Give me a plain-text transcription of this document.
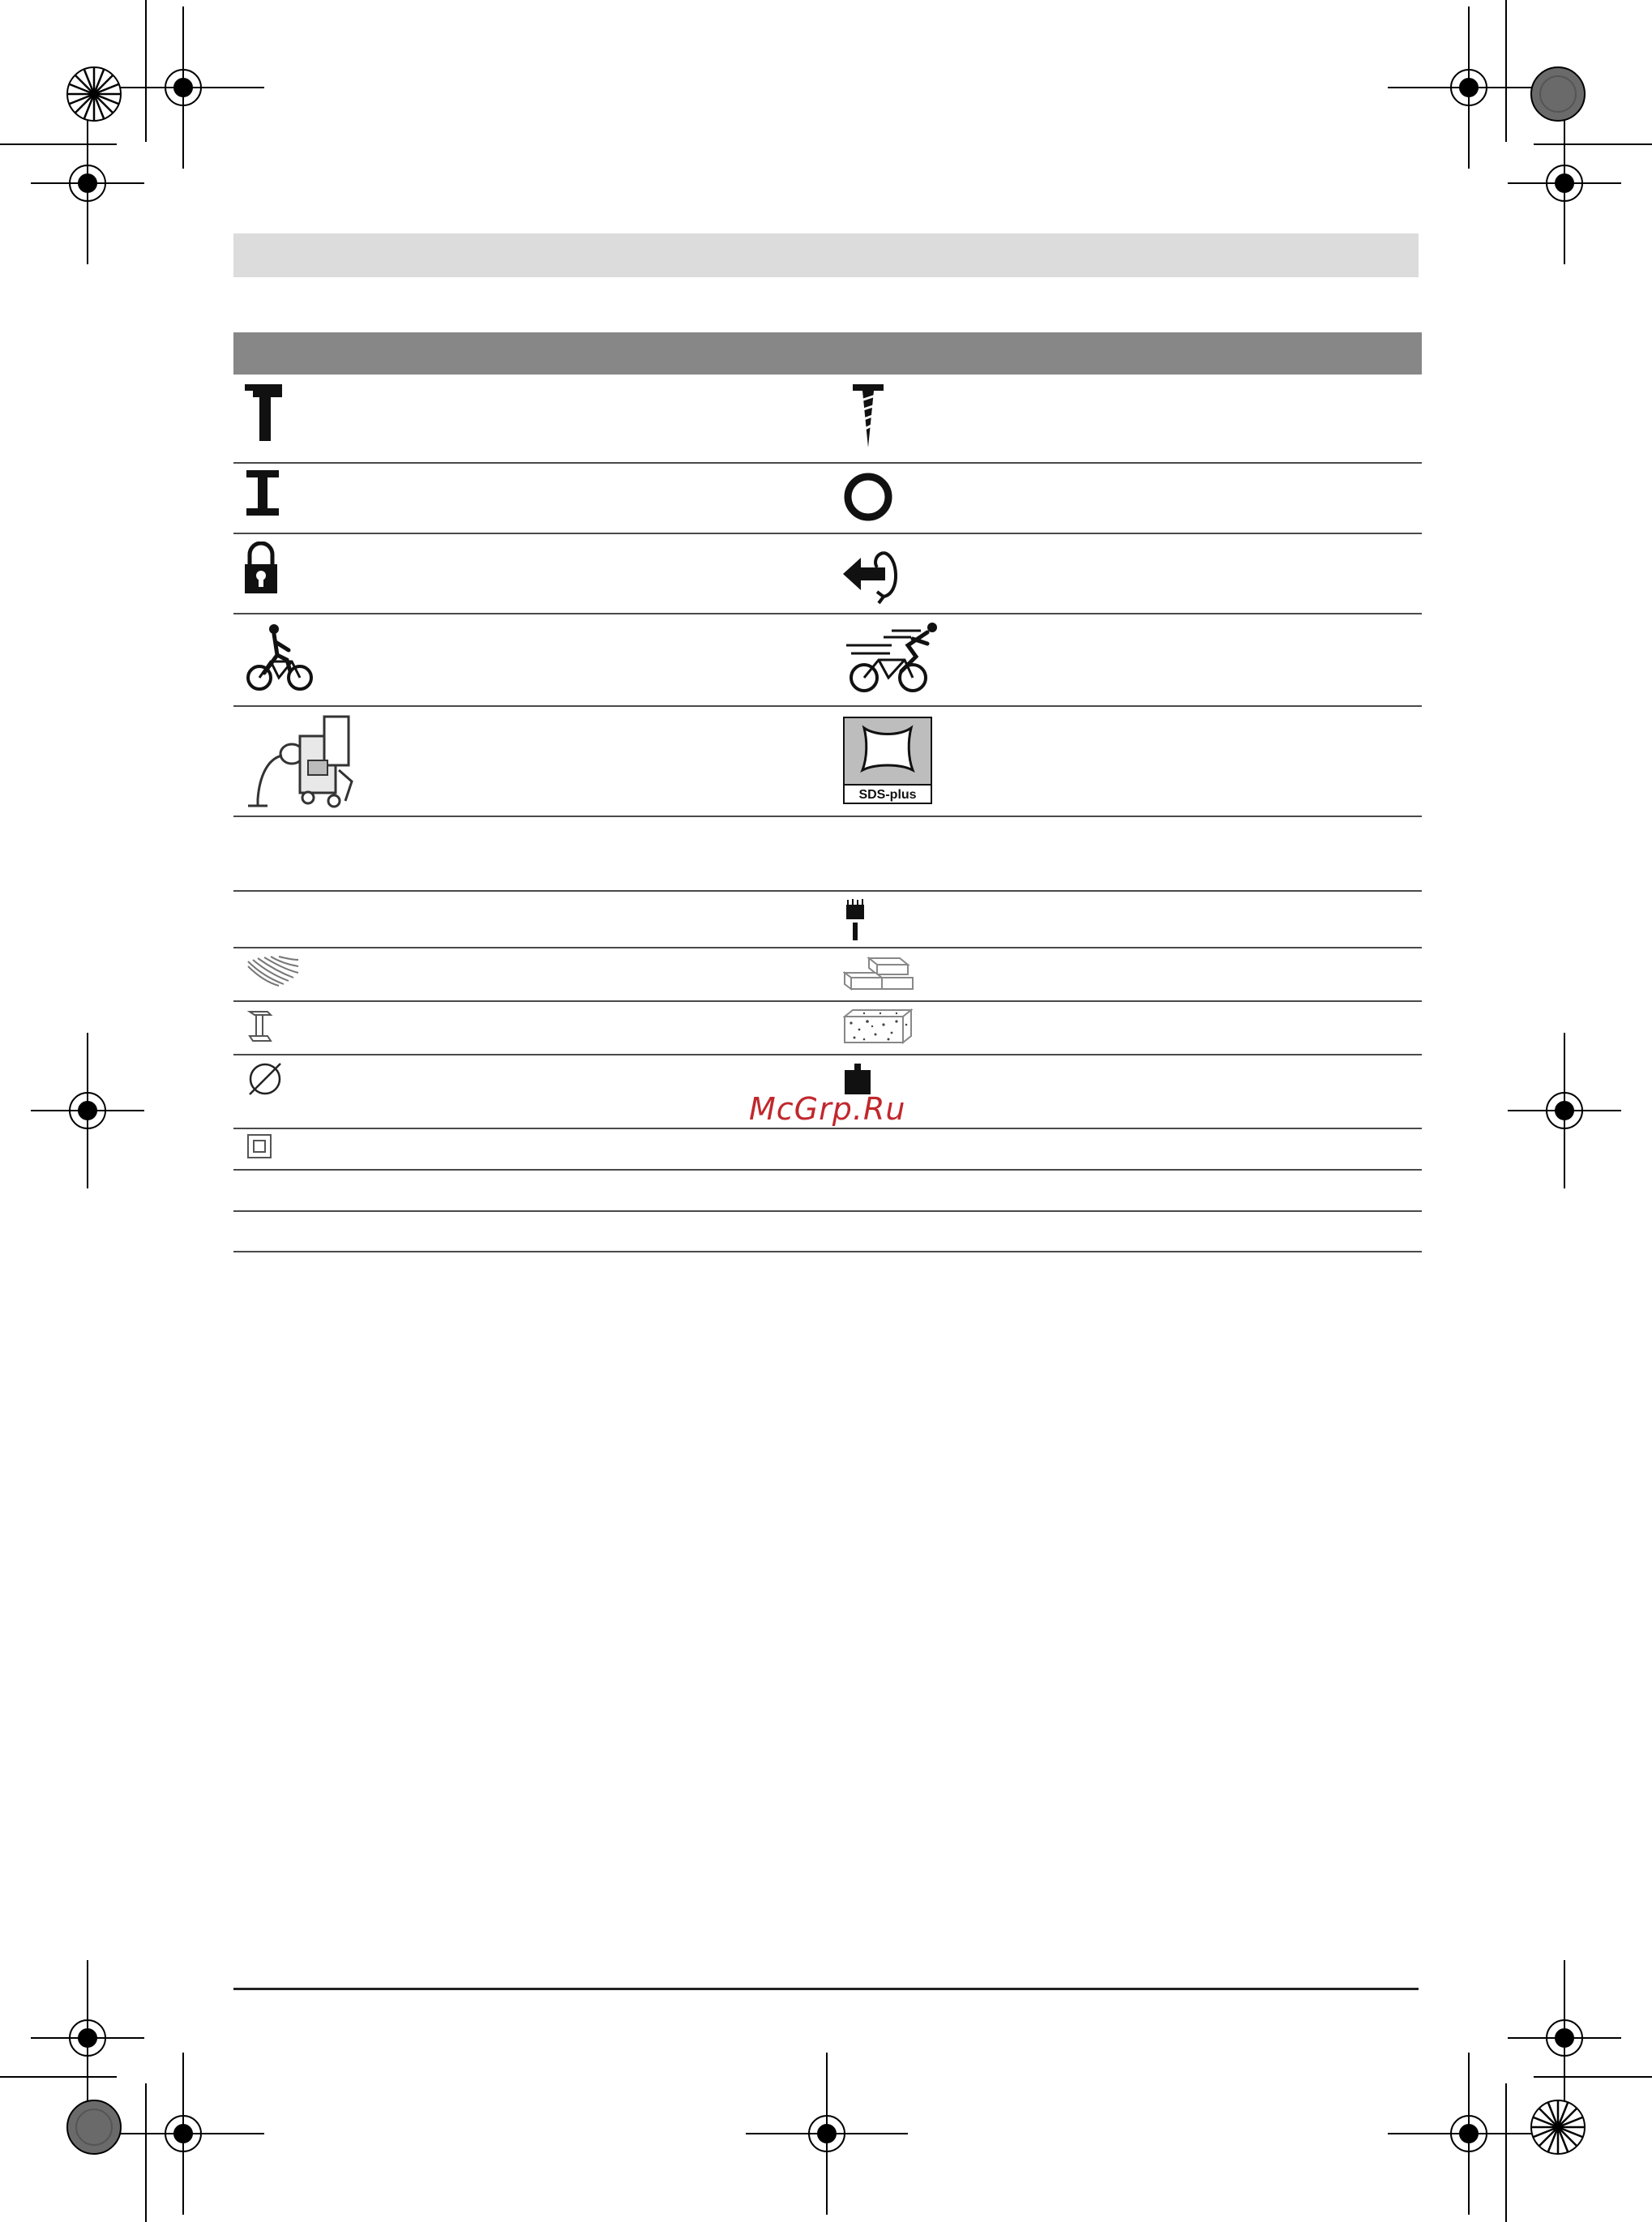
SDS-plus
McGrp.Ru
